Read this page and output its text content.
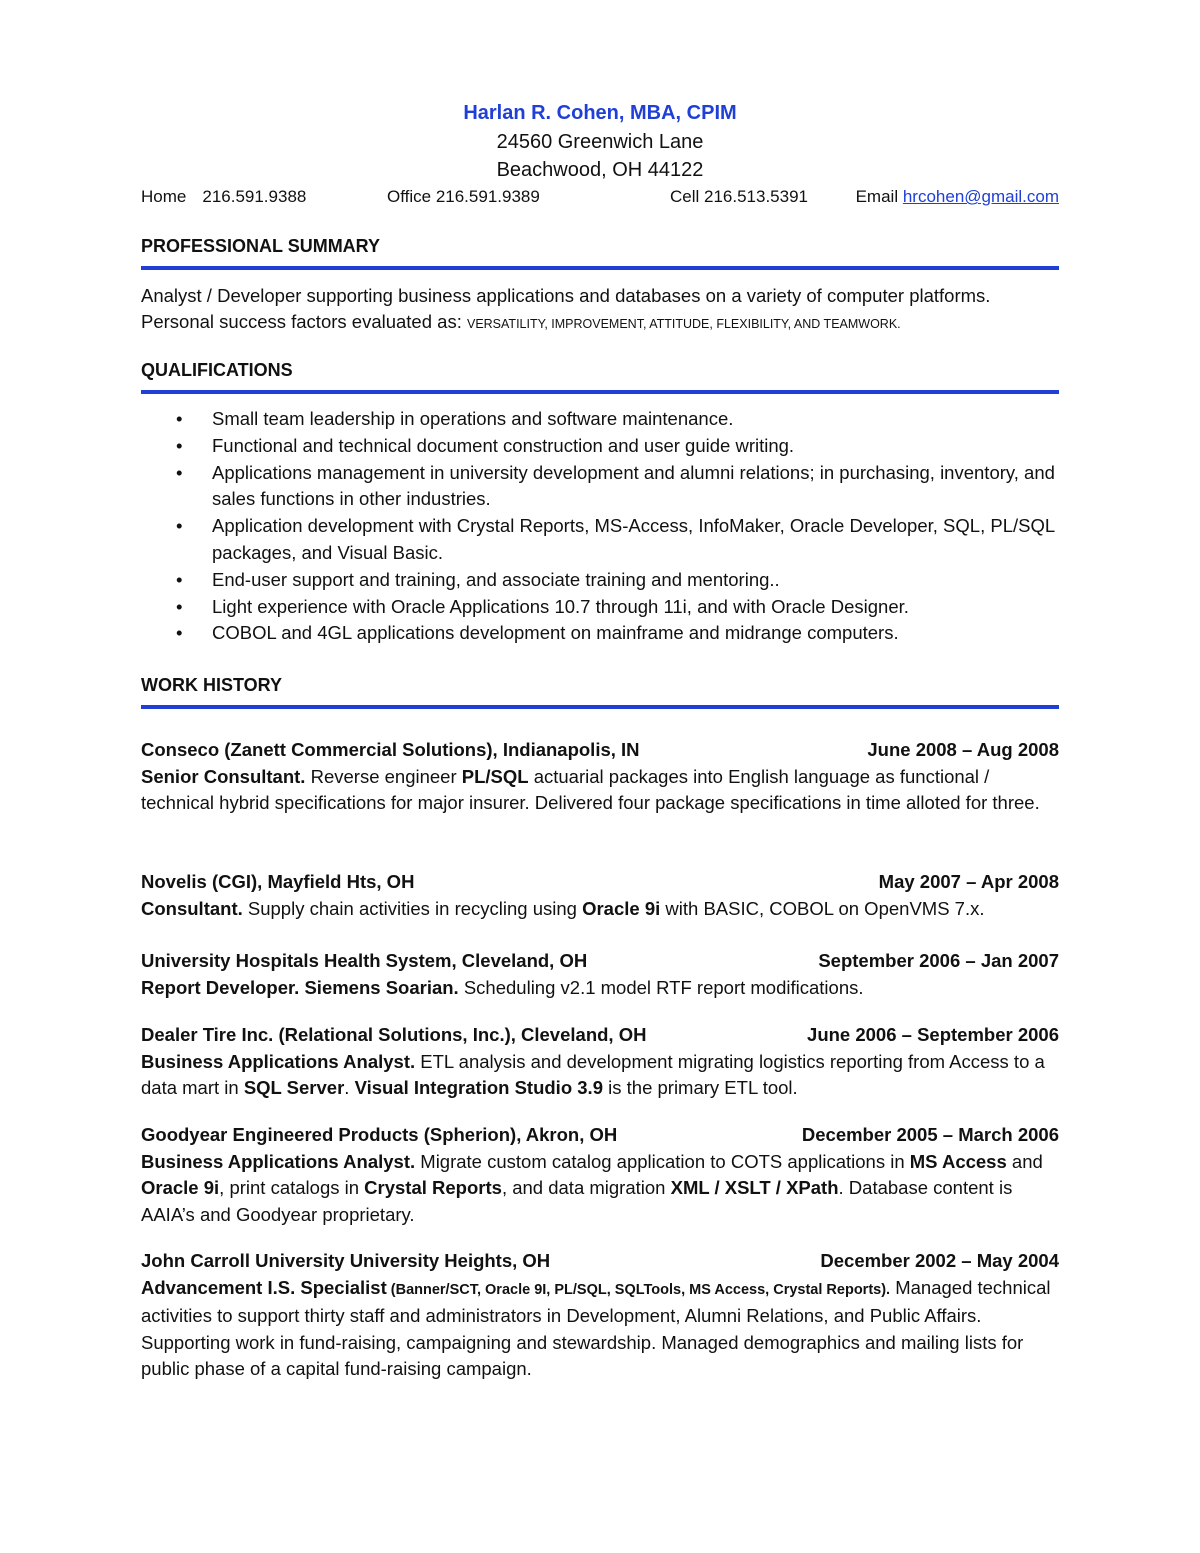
Harlan R. Cohen, MBA, CPIM
24560 Greenwich Lane
Beachwood, OH 44122
Home 216.591.9388	Office 216.591.9389	Cell 216.513.5391	Email hrcohen@gmail.com
PROFESSIONAL SUMMARY
Analyst / Developer supporting business applications and databases on a variety of computer platforms.
Personal success factors evaluated as: VERSATILITY, IMPROVEMENT, ATTITUDE, FLEXIBILITY, AND TEAMWORK.
QUALIFICATIONS
• Small team leadership in operations and software maintenance.
• Functional and technical document construction and user guide writing.
• Applications management in university development and alumni relations; in purchasing, inventory, and sales functions in other industries.
• Application development with Crystal Reports, MS-Access, InfoMaker, Oracle Developer, SQL, PL/SQL packages, and Visual Basic.
• End-user support and training, and associate training and mentoring..
• Light experience with Oracle Applications 10.7 through 11i, and with Oracle Designer.
• COBOL and 4GL applications development on mainframe and midrange computers.
WORK HISTORY
Conseco (Zanett Commercial Solutions), Indianapolis, IN	June 2008 – Aug 2008
Senior Consultant. Reverse engineer PL/SQL actuarial packages into English language as functional / technical hybrid specifications for major insurer. Delivered four package specifications in time alloted for three.
Novelis (CGI), Mayfield Hts, OH	May 2007 – Apr 2008
Consultant. Supply chain activities in recycling using Oracle 9i with BASIC, COBOL on OpenVMS 7.x.
University Hospitals Health System, Cleveland, OH	September 2006 – Jan 2007
Report Developer. Siemens Soarian. Scheduling v2.1 model RTF report modifications.
Dealer Tire Inc. (Relational Solutions, Inc.), Cleveland, OH	June 2006 – September 2006
Business Applications Analyst. ETL analysis and development migrating logistics reporting from Access to a data mart in SQL Server. Visual Integration Studio 3.9 is the primary ETL tool.
Goodyear Engineered Products (Spherion), Akron, OH	December 2005 – March 2006
Business Applications Analyst. Migrate custom catalog application to COTS applications in MS Access and Oracle 9i, print catalogs in Crystal Reports, and data migration XML / XSLT / XPath. Database content is AAIA’s and Goodyear proprietary.
John Carroll University University Heights, OH	December 2002 – May 2004
Advancement I.S. Specialist (Banner/SCT, Oracle 9I, PL/SQL, SQLTools, MS Access, Crystal Reports). Managed technical activities to support thirty staff and administrators in Development, Alumni Relations, and Public Affairs. Supporting work in fund-raising, campaigning and stewardship. Managed demographics and mailing lists for public phase of a capital fund-raising campaign.
